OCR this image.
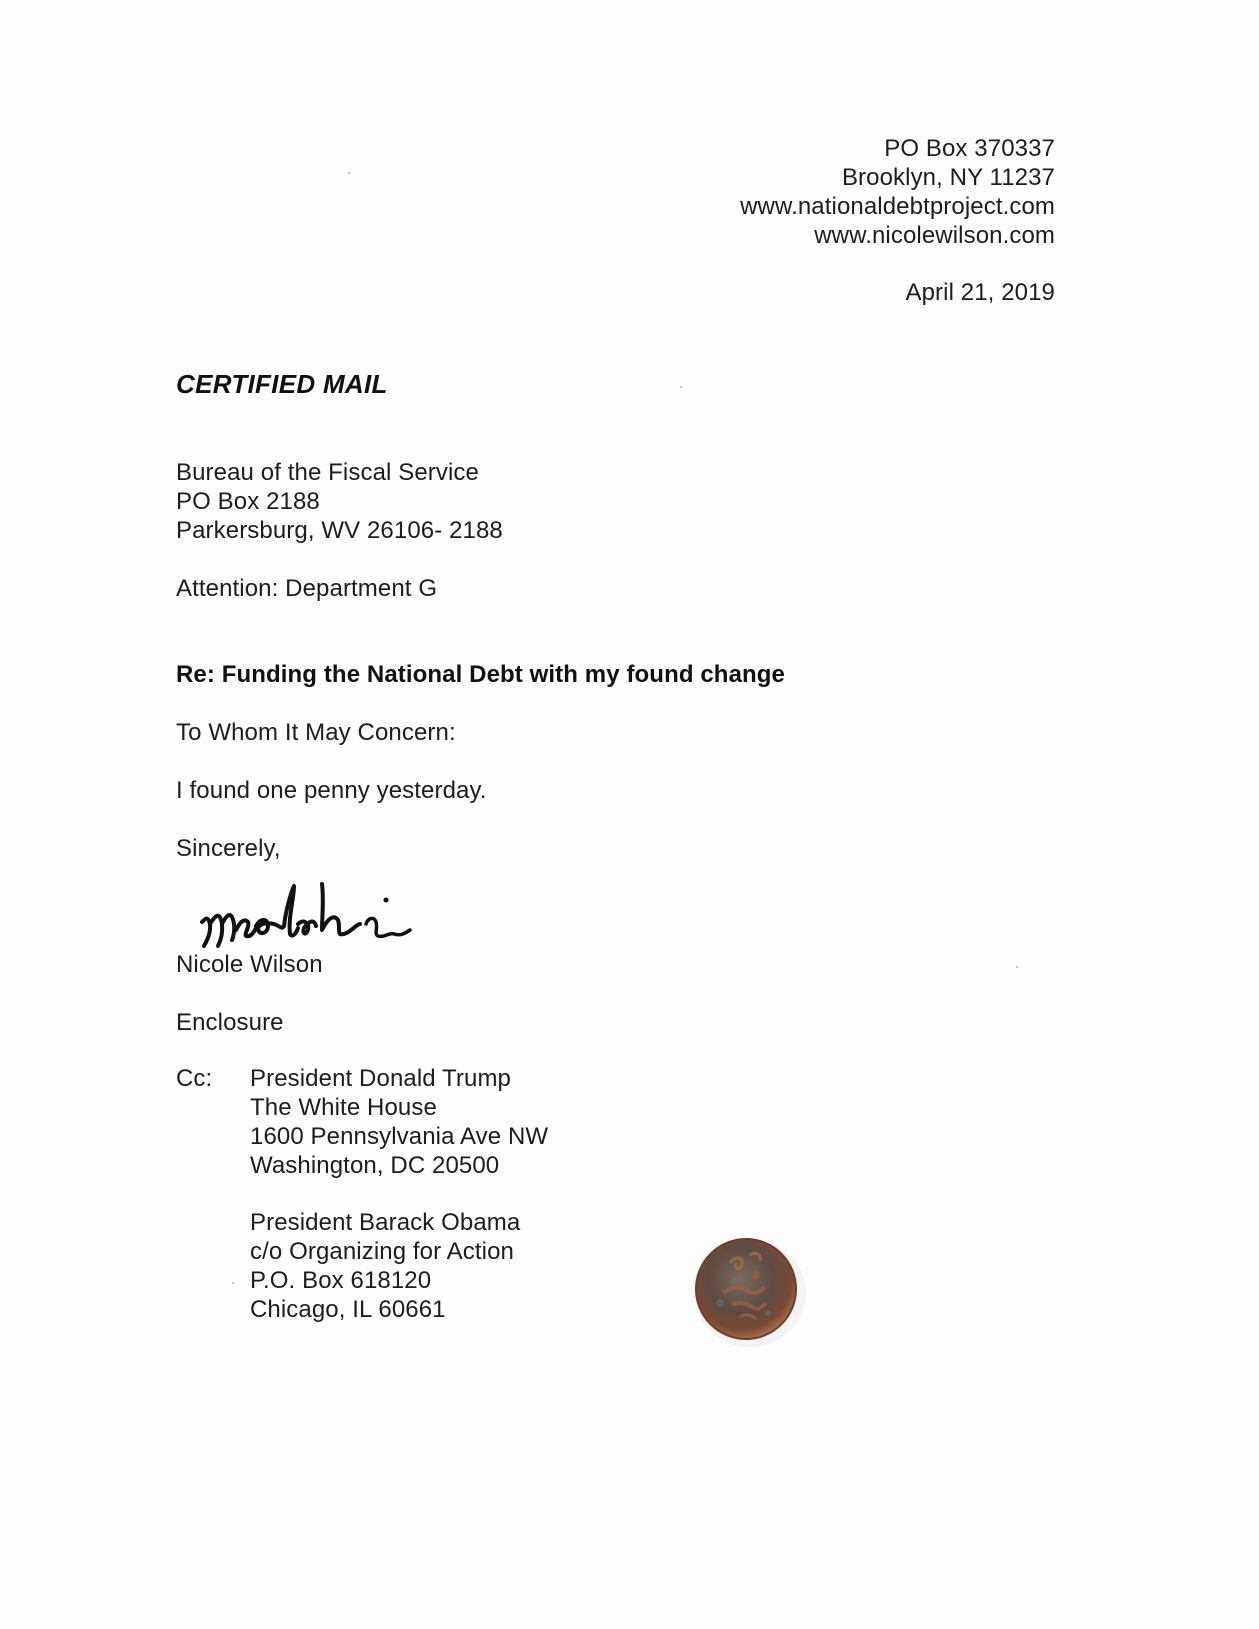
PO Box 370337
Brooklyn, NY 11237
www.nationaldebtproject.com
www.nicolewilson.com
April 21, 2019
CERTIFIED MAIL
Bureau of the Fiscal Service
PO Box 2188
Parkersburg, WV 26106- 2188
Attention: Department G
Re: Funding the National Debt with my found change
To Whom It May Concern:
I found one penny yesterday.
Sincerely,
Nicole Wilson
Enclosure
Cc: President Donald Trump
The White House
1600 Pennsylvania Ave NW
Washington, DC 20500
President Barack Obama
c/o Organizing for Action
P.O. Box 618120
Chicago, IL 60661
